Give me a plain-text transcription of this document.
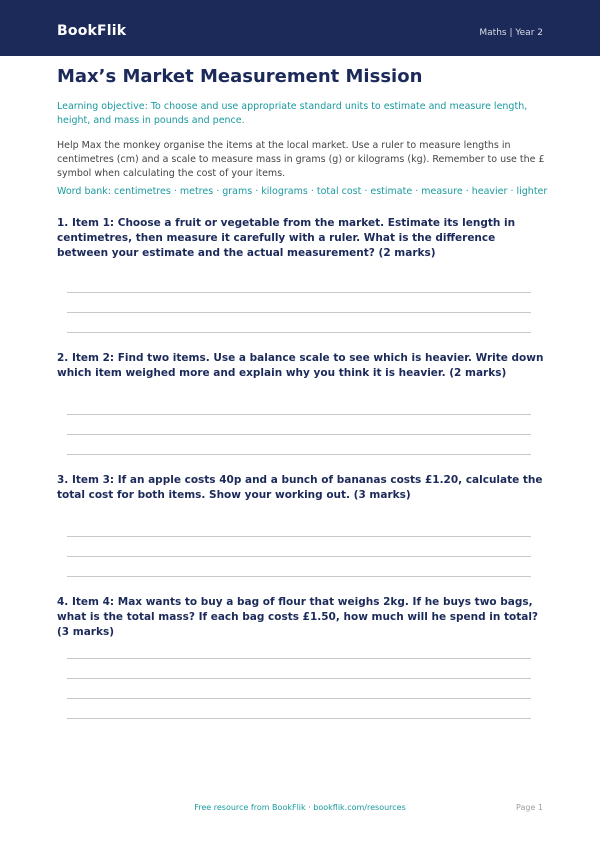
BookFlik	Maths | Year 2
Max’s Market Measurement Mission

Learning objective: To choose and use appropriate standard units to estimate and measure length, height, and mass in pounds and pence.

Help Max the monkey organise the items at the local market. Use a ruler to measure lengths in centimetres (cm) and a scale to measure mass in grams (g) or kilograms (kg). Remember to use the £ symbol when calculating the cost of your items.

Word bank: centimetres · metres · grams · kilograms · total cost · estimate · measure · heavier · lighter

1. Item 1: Choose a fruit or vegetable from the market. Estimate its length in centimetres, then measure it carefully with a ruler. What is the difference between your estimate and the actual measurement? (2 marks)

2. Item 2: Find two items. Use a balance scale to see which is heavier. Write down which item weighed more and explain why you think it is heavier. (2 marks)

3. Item 3: If an apple costs 40p and a bunch of bananas costs £1.20, calculate the total cost for both items. Show your working out. (3 marks)

4. Item 4: Max wants to buy a bag of flour that weighs 2kg. If he buys two bags, what is the total mass? If each bag costs £1.50, how much will he spend in total? (3 marks)

Free resource from BookFlik · bookflik.com/resources	Page 1
